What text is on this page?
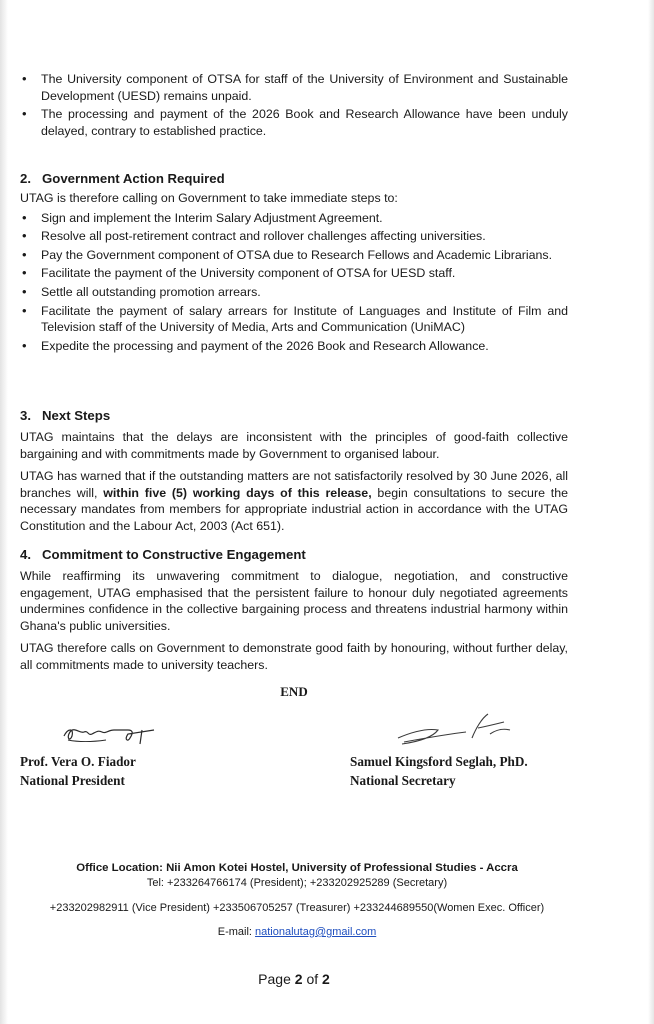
• The University component of OTSA for staff of the University of Environment and Sustainable Development (UESD) remains unpaid.
• The processing and payment of the 2026 Book and Research Allowance have been unduly delayed, contrary to established practice.
2. Government Action Required

UTAG is therefore calling on Government to take immediate steps to:

• Sign and implement the Interim Salary Adjustment Agreement.
• Resolve all post-retirement contract and rollover challenges affecting universities.
• Pay the Government component of OTSA due to Research Fellows and Academic Librarians.
• Facilitate the payment of the University component of OTSA for UESD staff.
• Settle all outstanding promotion arrears.
• Facilitate the payment of salary arrears for Institute of Languages and Institute of Film and Television staff of the University of Media, Arts and Communication (UniMAC)
• Expedite the processing and payment of the 2026 Book and Research Allowance.
3. Next Steps

UTAG maintains that the delays are inconsistent with the principles of good-faith collective bargaining and with commitments made by Government to organised labour.

UTAG has warned that if the outstanding matters are not satisfactorily resolved by 30 June 2026, all branches will, within five (5) working days of this release, begin consultations to secure the necessary mandates from members for appropriate industrial action in accordance with the UTAG Constitution and the Labour Act, 2003 (Act 651).

4. Commitment to Constructive Engagement

While reaffirming its unwavering commitment to dialogue, negotiation, and constructive engagement, UTAG emphasised that the persistent failure to honour duly negotiated agreements undermines confidence in the collective bargaining process and threatens industrial harmony within Ghana's public universities.

UTAG therefore calls on Government to demonstrate good faith by honouring, without further delay, all commitments made to university teachers.

END
Prof. Vera O. Fiador
National President
Samuel Kingsford Seglah, PhD.
National Secretary
Office Location: Nii Amon Kotei Hostel, University of Professional Studies - Accra
Tel: +233264766174 (President); +233202925289 (Secretary)
+233202982911 (Vice President) +233506705257 (Treasurer) +233244689550(Women Exec. Officer)
E-mail: nationalutag@gmail.com
Page 2 of 2
